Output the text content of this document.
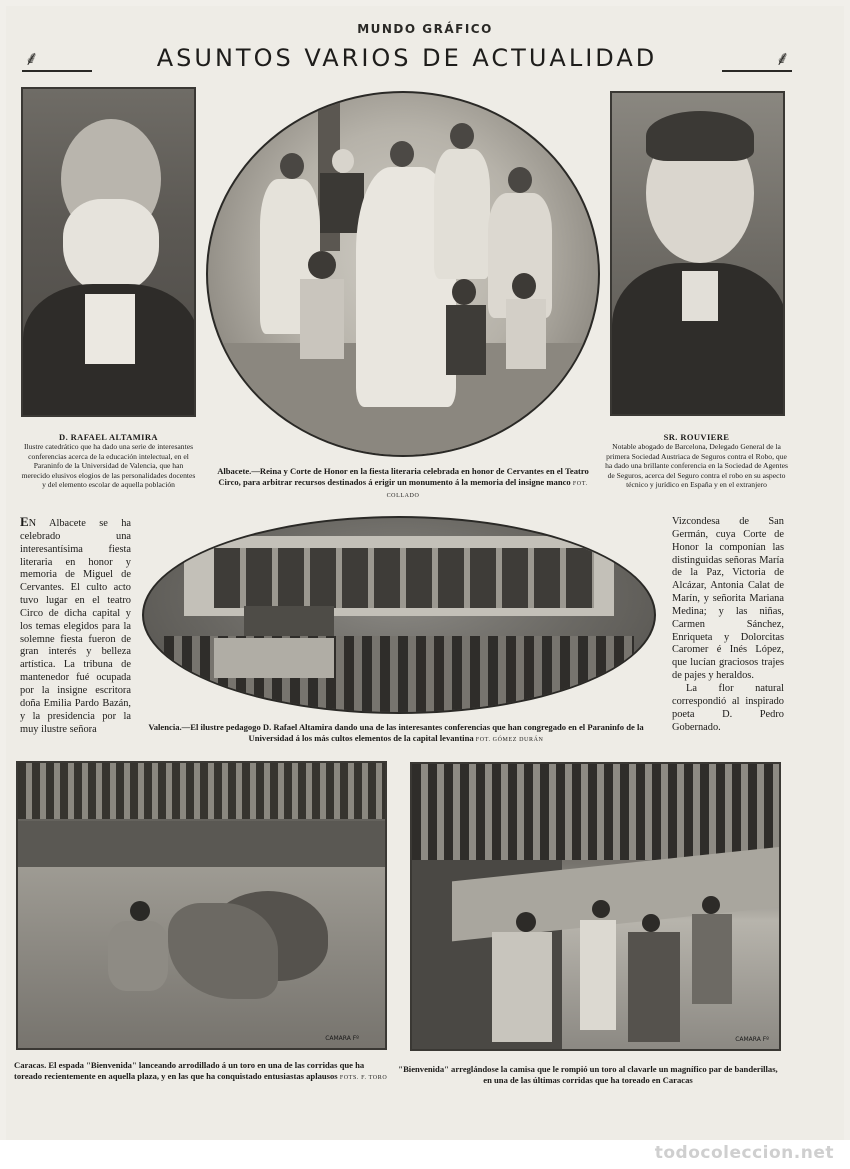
MUNDO GRÁFICO
⸙	⸙
ASUNTOS VARIOS DE ACTUALIDAD
D. RAFAEL ALTAMIRA
Ilustre catedrático que ha dado una serie de interesantes conferencias acerca de la educación intelectual, en el Paraninfo de la Universidad de Valencia, que han merecido elusivos elogios de las personalidades docentes y del elemento escolar de aquella población
Albacete.—Reina y Corte de Honor en la fiesta literaria celebrada en honor de Cervantes en el Teatro Circo, para arbitrar recursos destinados á erigir un monumento á la memoria del insigne manco FOT. COLLADO
SR. ROUVIERE
Notable abogado de Barcelona, Delegado General de la primera Sociedad Austriaca de Seguros contra el Robo, que ha dado una brillante conferencia en la Sociedad de Agentes de Seguros, acerca del Seguro contra el robo en su aspecto técnico y jurídico en España y en el extranjero

EN Albacete se ha celebrado una interesantísima fiesta literaria en honor y memoria de Miguel de Cervantes. El culto acto tuvo lugar en el teatro Circo de dicha capital y los temas elegidos para la solemne fiesta fueron de gran interés y belleza artística. La tribuna de mantenedor fué ocupada por la insigne escritora doña Emilia Pardo Bazán, y la presidencia por la muy ilustre señora

Vizcondesa de San Germán, cuya Corte de Honor la componían las distinguidas señoras María de la Paz, Victoria de Alcázar, Antonia Calat de Marín, y señorita Mariana Medina; y las niñas, Carmen Sánchez, Enriqueta y Dolorcitas Caromer é Inés López, que lucían graciosos trajes de pajes y heraldos.

La flor natural correspondió al inspirado poeta D. Pedro Gobernado.

Valencia.—El ilustre pedagogo D. Rafael Altamira dando una de las interesantes conferencias que han congregado en el Paraninfo de la Universidad á los más cultos elementos de la capital levantina FOT. GÓMEZ DURÁN
CAMARA Fº
Caracas. El espada "Bienvenida" lanceando arrodillado á un toro en una de las corridas que ha toreado recientemente en aquella plaza, y en las que ha conquistado entusiastas aplausos FOTS. F. TORO
CAMARA Fº
"Bienvenida" arreglándose la camisa que le rompió un toro al clavarle un magnífico par de banderillas, en una de las últimas corridas que ha toreado en Caracas
todocoleccion.net
